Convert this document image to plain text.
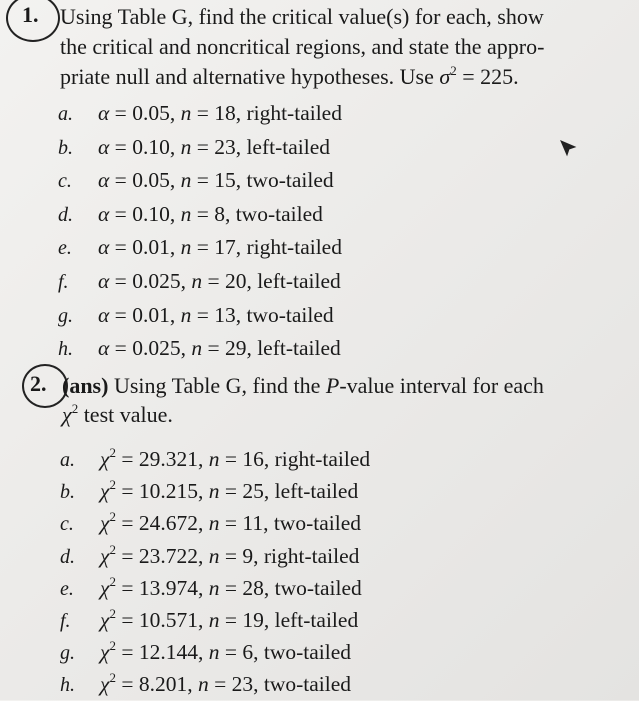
1. Using Table G, find the critical value(s) for each, show
the critical and noncritical regions, and state the appro-
priate null and alternative hypotheses. Use $\sigma^2 = 225$.
a. α = 0.05, n = 18, right-tailed
b. α = 0.10, n = 23, left-tailed
c. α = 0.05, n = 15, two-tailed
d. α = 0.10, n = 8, two-tailed
e. α = 0.01, n = 17, right-tailed
f. α = 0.025, n = 20, left-tailed
g. α = 0.01, n = 13, two-tailed
h. α = 0.025, n = 29, left-tailed
2. (ans) Using Table G, find the P-value interval for each
$\chi^2$ test value.
a. $\chi^2 = 29.321$, n = 16, right-tailed
b. $\chi^2 = 10.215$, n = 25, left-tailed
c. $\chi^2 = 24.672$, n = 11, two-tailed
d. $\chi^2 = 23.722$, n = 9, right-tailed
e. $\chi^2 = 13.974$, n = 28, two-tailed
f. $\chi^2 = 10.571$, n = 19, left-tailed
g. $\chi^2 = 12.144$, n = 6, two-tailed
h. $\chi^2 = 8.201$, n = 23, two-tailed
